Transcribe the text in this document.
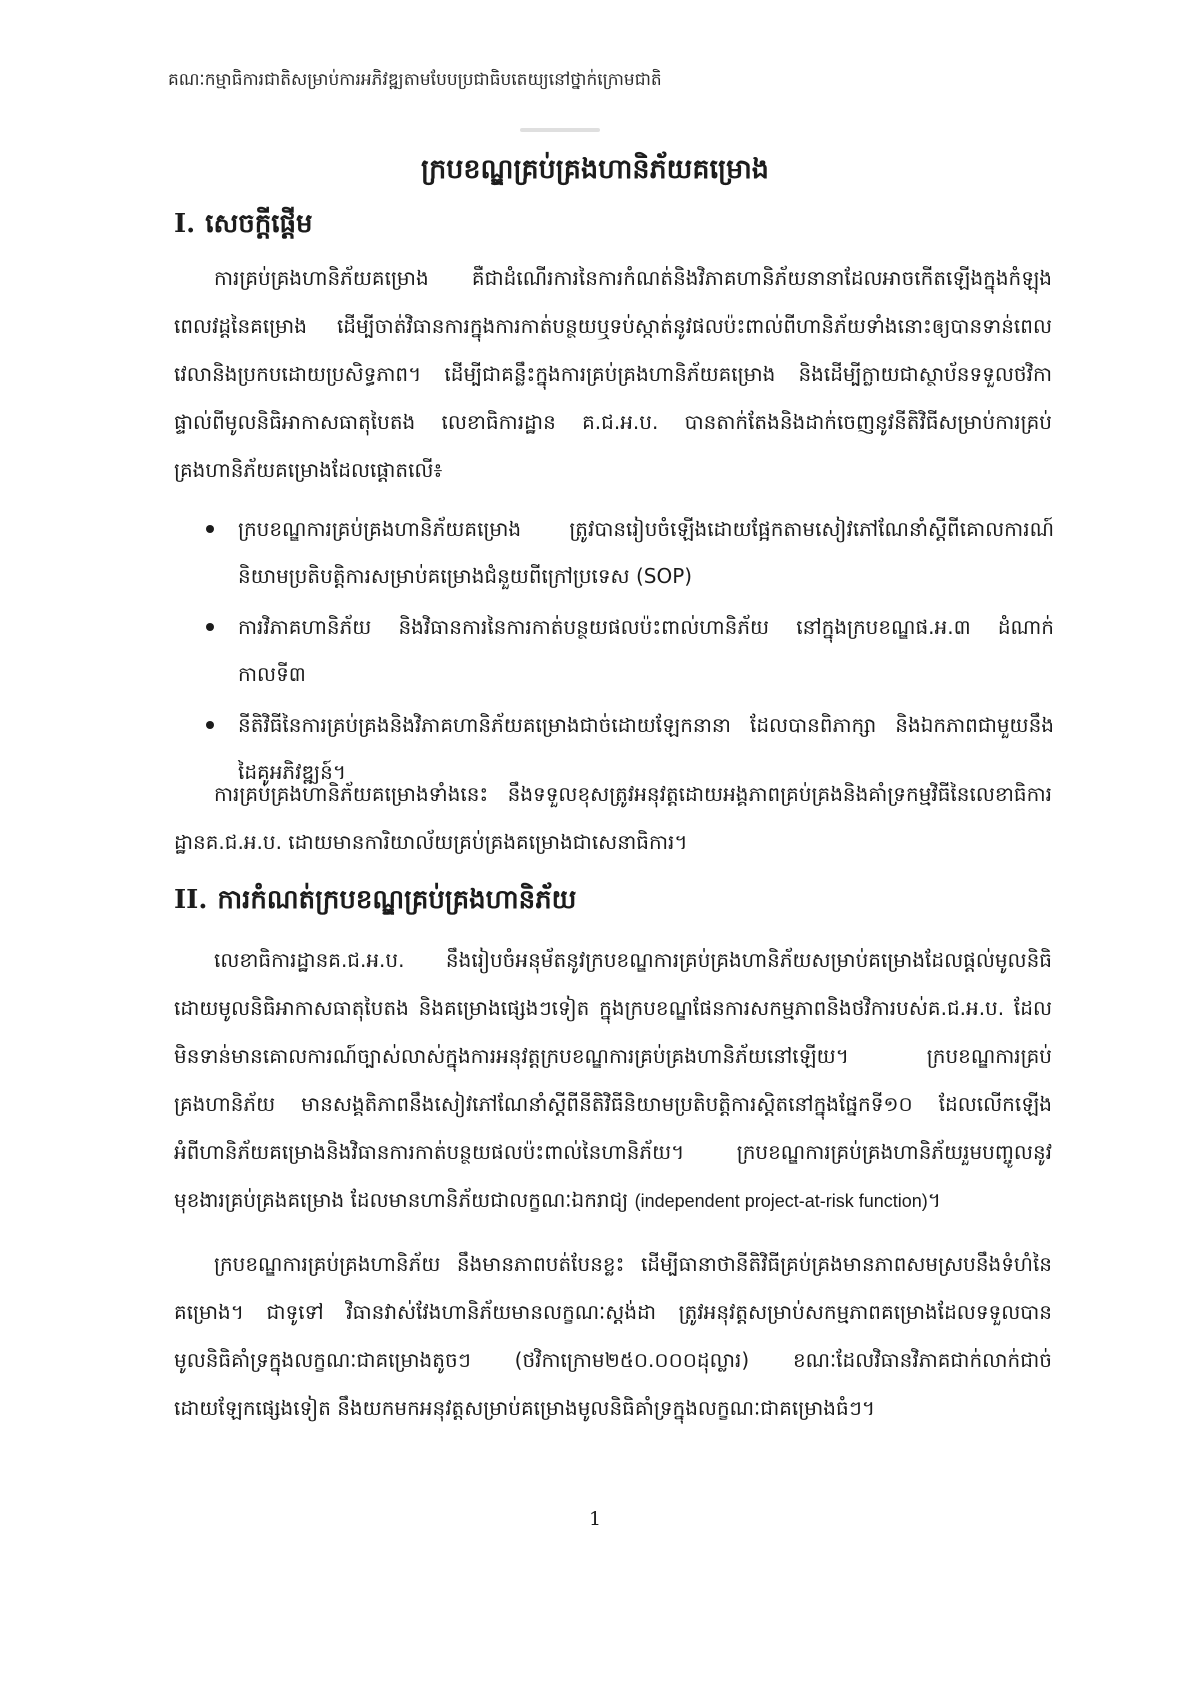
គណៈកម្មាធិការជាតិសម្រាប់ការអភិវឌ្ឍតាមបែបប្រជាធិបតេយ្យនៅថ្នាក់ក្រោមជាតិ
ក្របខណ្ឌគ្រប់គ្រងហានិភ័យគម្រោង
I. សេចក្តីផ្តើម

ការគ្រប់គ្រងហានិភ័យគម្រោង គឺជាដំណើរការនៃការកំណត់និងវិភាគហានិភ័យនានាដែលអាចកើតឡើងក្នុងកំឡុងពេលវដ្តនៃគម្រោង ដើម្បីចាត់វិធានការក្នុងការកាត់បន្ថយឬទប់ស្កាត់នូវផលប៉ះពាល់ពីហានិភ័យទាំងនោះឲ្យបានទាន់ពេលវេលានិងប្រកបដោយប្រសិទ្ធភាព។ ដើម្បីជាគន្លឹះក្នុងការគ្រប់គ្រងហានិភ័យគម្រោង និងដើម្បីក្លាយជាស្ថាប័នទទួលថវិកាផ្ទាល់ពីមូលនិធិអាកាសធាតុបៃតង លេខាធិការដ្ឋាន គ.ជ.អ.ប. បានតាក់តែងនិងដាក់ចេញនូវនីតិវិធីសម្រាប់ការគ្រប់គ្រងហានិភ័យគម្រោងដែលផ្តោតលើ៖

ក្របខណ្ឌការគ្រប់គ្រងហានិភ័យគម្រោង ត្រូវបានរៀបចំឡើងដោយផ្អែកតាមសៀវភៅណែនាំស្តីពីគោលការណ៍និយាមប្រតិបត្តិការសម្រាប់គម្រោងជំនួយពីក្រៅប្រទេស (SOP)
ការវិភាគហានិភ័យ និងវិធានការនៃការកាត់បន្ថយផលប៉ះពាល់ហានិភ័យ នៅក្នុងក្របខណ្ឌផ.អ.៣ ដំណាក់កាលទី៣
នីតិវិធីនៃការគ្រប់គ្រងនិងវិភាគហានិភ័យគម្រោងជាច់ដោយឡែកនានា ដែលបានពិភាក្សា និងឯកភាពជាមួយនឹងដៃគូអភិវឌ្ឍន៍។

ការគ្រប់គ្រងហានិភ័យគម្រោងទាំងនេះ នឹងទទួលខុសត្រូវអនុវត្តដោយអង្គភាពគ្រប់គ្រងនិងគាំទ្រកម្មវិធីនៃលេខាធិការដ្ឋានគ.ជ.អ.ប. ដោយមានការិយាល័យគ្រប់គ្រងគម្រោងជាសេនាធិការ។

II. ការកំណត់ក្របខណ្ឌគ្រប់គ្រងហានិភ័យ

លេខាធិការដ្ឋានគ.ជ.អ.ប. នឹងរៀបចំអនុម័តនូវក្របខណ្ឌការគ្រប់គ្រងហានិភ័យសម្រាប់គម្រោងដែលផ្តល់មូលនិធិដោយមូលនិធិអាកាសធាតុបៃតង និងគម្រោងផ្សេងៗទៀត ក្នុងក្របខណ្ឌផែនការសកម្មភាពនិងថវិការបស់គ.ជ.អ.ប. ដែលមិនទាន់មានគោលការណ៍ច្បាស់លាស់ក្នុងការអនុវត្តក្របខណ្ឌការគ្រប់គ្រងហានិភ័យនៅឡើយ។ ក្របខណ្ឌការគ្រប់គ្រងហានិភ័យ មានសង្គតិភាពនឹងសៀវភៅណែនាំស្តីពីនីតិវិធីនិយាមប្រតិបត្តិការស្តិតនៅក្នុងផ្នែកទី១០ ដែលលើកឡើងអំពីហានិភ័យគម្រោងនិងវិធានការកាត់បន្ថយផលប៉ះពាល់នៃហានិភ័យ។ ក្របខណ្ឌការគ្រប់គ្រងហានិភ័យរួមបញ្ចូលនូវមុខងារគ្រប់គ្រងគម្រោង ដែលមានហានិភ័យជាលក្ខណៈឯករាជ្យ (independent project-at-risk function)។

ក្របខណ្ឌការគ្រប់គ្រងហានិភ័យ នឹងមានភាពបត់បែនខ្លះ ដើម្បីធានាថានីតិវិធីគ្រប់គ្រងមានភាពសមស្របនឹងទំហំនៃគម្រោង។ ជាទូទៅ វិធានវាស់វែងហានិភ័យមានលក្ខណៈស្តង់ដា ត្រូវអនុវត្តសម្រាប់សកម្មភាពគម្រោងដែលទទួលបានមូលនិធិគាំទ្រក្នុងលក្ខណៈជាគម្រោងតូចៗ (ថវិកាក្រោម២៥០.០០០ដុល្លារ) ខណៈដែលវិធានវិភាគជាក់លាក់ជាច់ដោយឡែកផ្សេងទៀត នឹងយកមកអនុវត្តសម្រាប់គម្រោងមូលនិធិគាំទ្រក្នុងលក្ខណៈជាគម្រោងធំៗ។

1
